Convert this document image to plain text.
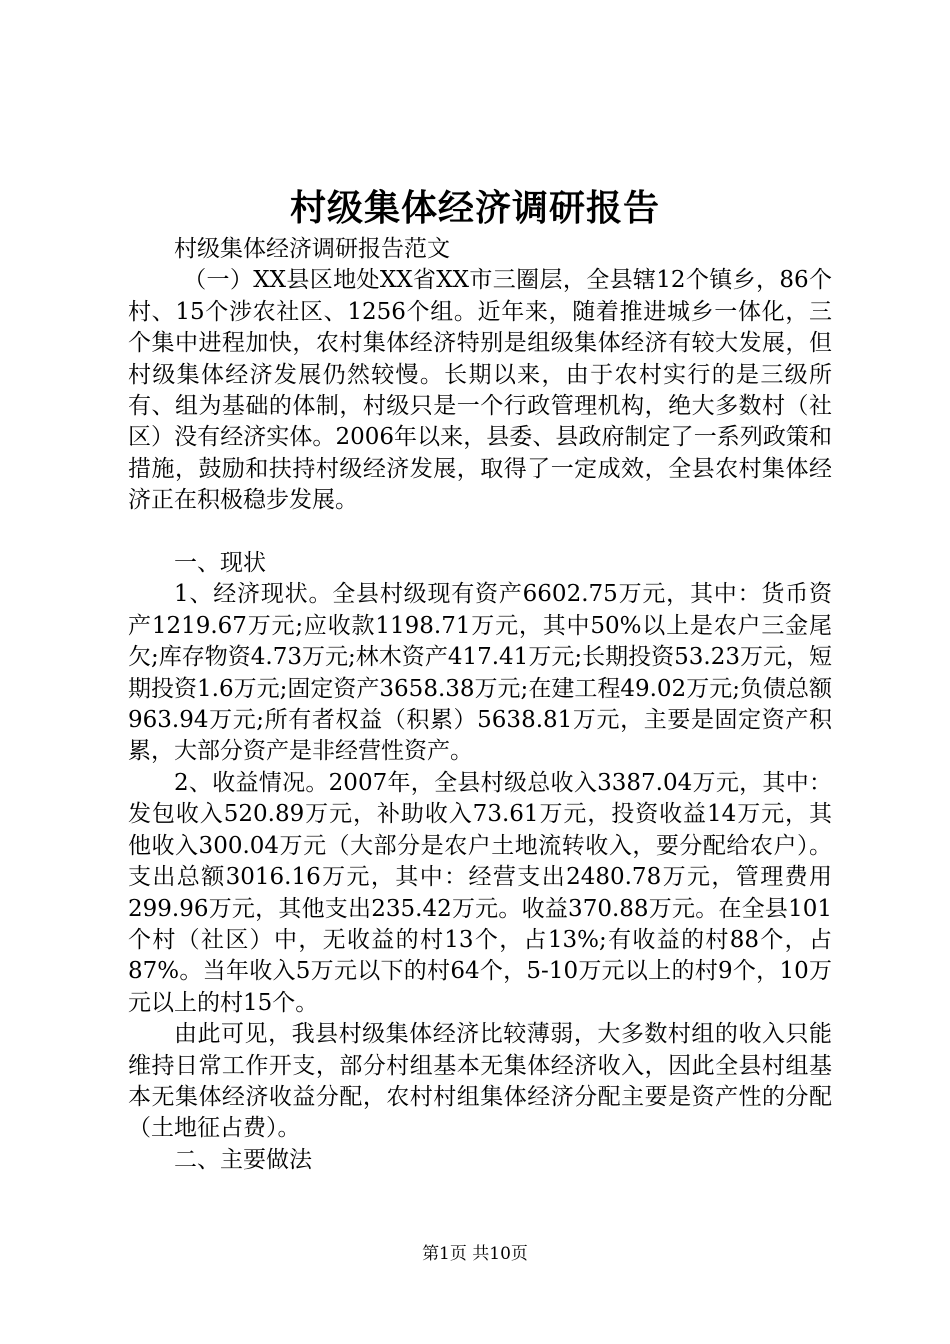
村级集体经济调研报告

村级集体经济调研报告范文

（一）XX县区地处XX省XX市三圈层，全县辖12个镇乡，86个村、15个涉农社区、1256个组。近年来，随着推进城乡一体化，三个集中进程加快，农村集体经济特别是组级集体经济有较大发展，但村级集体经济发展仍然较慢。长期以来，由于农村实行的是三级所有、组为基础的体制，村级只是一个行政管理机构，绝大多数村（社区）没有经济实体。2006年以来，县委、县政府制定了一系列政策和措施，鼓励和扶持村级经济发展，取得了一定成效，全县农村集体经济正在积极稳步发展。

一、现状

1、经济现状。全县村级现有资产6602.75万元，其中：货币资产1219.67万元;应收款1198.71万元，其中50%以上是农户三金尾欠;库存物资4.73万元;林木资产417.41万元;长期投资53.23万元，短期投资1.6万元;固定资产3658.38万元;在建工程49.02万元;负债总额963.94万元;所有者权益（积累）5638.81万元，主要是固定资产积累，大部分资产是非经营性资产。

2、收益情况。2007年，全县村级总收入3387.04万元，其中：发包收入520.89万元，补助收入73.61万元，投资收益14万元，其他收入300.04万元（大部分是农户土地流转收入，要分配给农户）。支出总额3016.16万元，其中：经营支出2480.78万元，管理费用299.96万元，其他支出235.42万元。收益370.88万元。在全县101个村（社区）中，无收益的村13个，占13%;有收益的村88个，占87%。当年收入5万元以下的村64个，5-10万元以上的村9个，10万元以上的村15个。

由此可见，我县村级集体经济比较薄弱，大多数村组的收入只能维持日常工作开支，部分村组基本无集体经济收入，因此全县村组基本无集体经济收益分配，农村村组集体经济分配主要是资产性的分配（土地征占费）。

二、主要做法

第1页 共10页
